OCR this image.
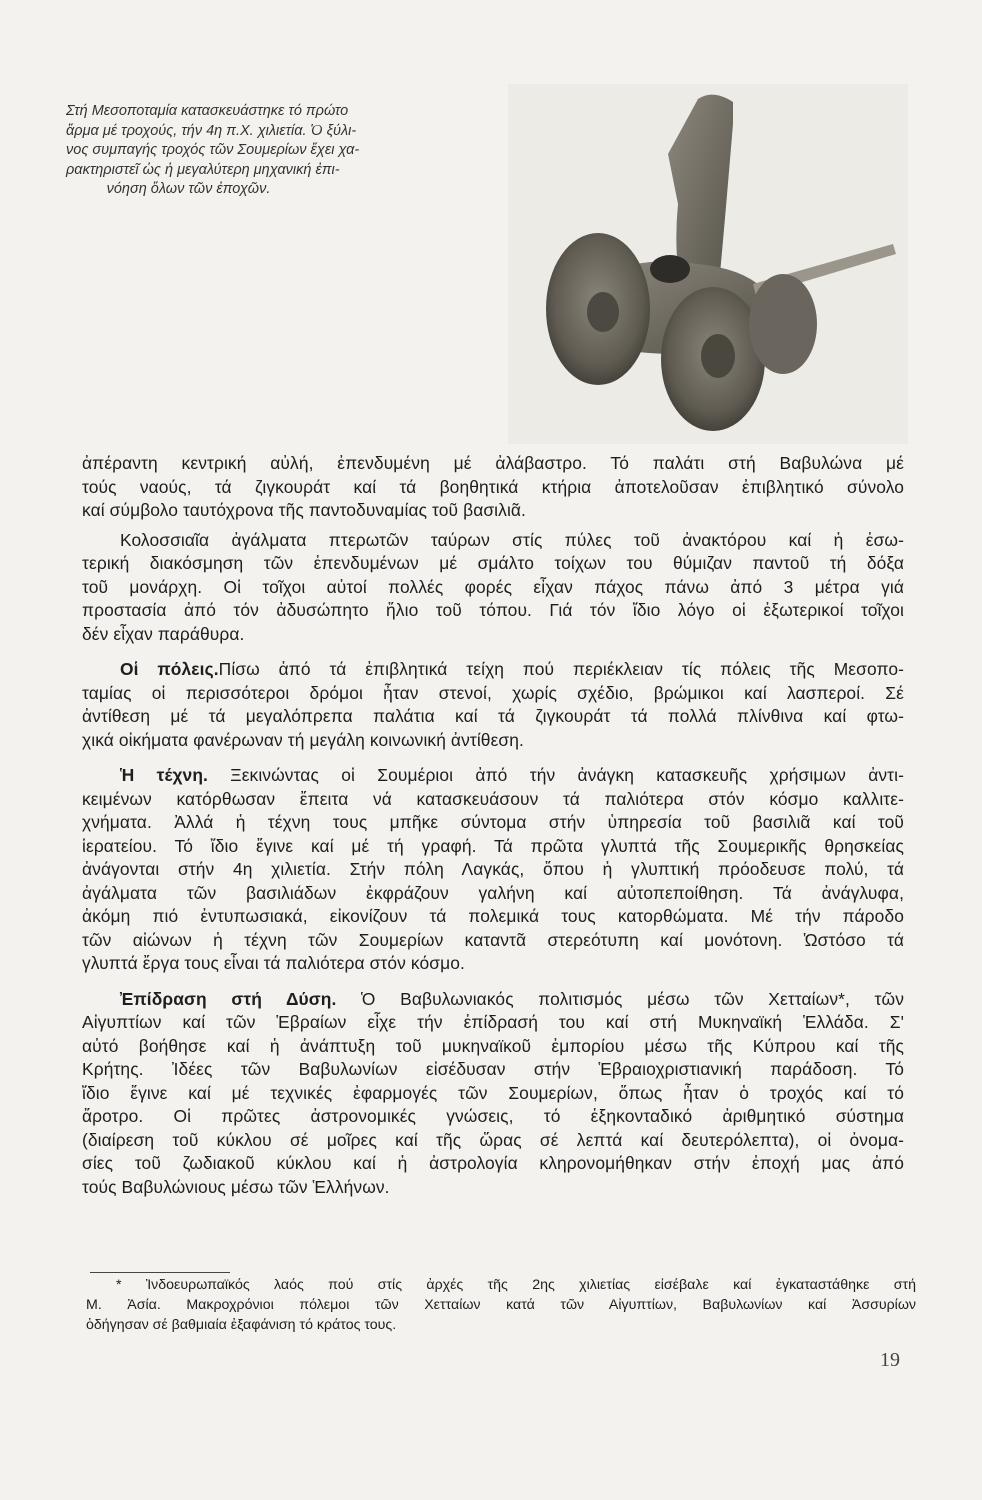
Στή Μεσοποταμία κατασκευάστηκε τό πρώτο
ἅρμα μέ τροχούς, τήν 4η π.Χ. χιλιετία. Ὁ ξύλι-
νος συμπαγής τροχός τῶν Σουμερίων ἔχει χα-
ρακτηριστεῖ ὡς ἡ μεγαλύτερη μηχανική ἐπι-
νόηση ὅλων τῶν ἐποχῶν.
ἀπέραντη κεντρική αὐλή, ἐπενδυμένη μέ ἀλάβαστρο. Τό παλάτι στή Βαβυλώνα μέ
τούς ναούς, τά ζιγκουράτ καί τά βοηθητικά κτήρια ἀποτελοῦσαν ἐπιβλητικό σύνολο
καί σύμβολο ταυτόχρονα τῆς παντοδυναμίας τοῦ βασιλιᾶ.
Κολοσσιαῖα ἀγάλματα πτερωτῶν ταύρων στίς πύλες τοῦ ἀνακτόρου καί ἡ ἐσω-
τερική διακόσμηση τῶν ἐπενδυμένων μέ σμάλτο τοίχων του θύμιζαν παντοῦ τή δόξα
τοῦ μονάρχη. Οἱ τοῖχοι αὐτοί πολλές φορές εἶχαν πάχος πάνω ἀπό 3 μέτρα γιά
προστασία ἀπό τόν ἀδυσώπητο ἥλιο τοῦ τόπου. Γιά τόν ἴδιο λόγο οἱ ἐξωτερικοί τοῖχοι
δέν εἶχαν παράθυρα.
Οἱ πόλεις.Πίσω ἀπό τά ἐπιβλητικά τείχη πού περιέκλειαν τίς πόλεις τῆς Μεσοπο-
ταμίας οἱ περισσότεροι δρόμοι ἦταν στενοί, χωρίς σχέδιο, βρώμικοι καί λασπεροί. Σέ
ἀντίθεση μέ τά μεγαλόπρεπα παλάτια καί τά ζιγκουράτ τά πολλά πλίνθινα καί φτω-
χικά οἰκήματα φανέρωναν τή μεγάλη κοινωνική ἀντίθεση.
Ἡ τέχνη. Ξεκινώντας οἱ Σουμέριοι ἀπό τήν ἀνάγκη κατασκευῆς χρήσιμων ἀντι-
κειμένων κατόρθωσαν ἔπειτα νά κατασκευάσουν τά παλιότερα στόν κόσμο καλλιτε-
χνήματα. Ἀλλά ἡ τέχνη τους μπῆκε σύντομα στήν ὑπηρεσία τοῦ βασιλιᾶ καί τοῦ
ἱερατείου. Τό ἴδιο ἔγινε καί μέ τή γραφή. Τά πρῶτα γλυπτά τῆς Σουμερικῆς θρησκείας
ἀνάγονται στήν 4η χιλιετία. Στήν πόλη Λαγκάς, ὅπου ἡ γλυπτική πρόοδευσε πολύ, τά
ἀγάλματα τῶν βασιλιάδων ἐκφράζουν γαλήνη καί αὐτοπεποίθηση. Τά ἀνάγλυφα,
ἀκόμη πιό ἐντυπωσιακά, εἰκονίζουν τά πολεμικά τους κατορθώματα. Μέ τήν πάροδο
τῶν αἰώνων ἡ τέχνη τῶν Σουμερίων καταντᾶ στερεότυπη καί μονότονη. Ὡστόσο τά
γλυπτά ἔργα τους εἶναι τά παλιότερα στόν κόσμο.
Ἐπίδραση στή Δύση. Ὁ Βαβυλωνιακός πολιτισμός μέσω τῶν Χετταίων*, τῶν
Αἰγυπτίων καί τῶν Ἑβραίων εἶχε τήν ἐπίδρασή του καί στή Μυκηναϊκή Ἑλλάδα. Σ'
αὐτό βοήθησε καί ἡ ἀνάπτυξη τοῦ μυκηναϊκοῦ ἐμπορίου μέσω τῆς Κύπρου καί τῆς
Κρήτης. Ἰδέες τῶν Βαβυλωνίων εἰσέδυσαν στήν Ἑβραιοχριστιανική παράδοση. Τό
ἴδιο ἔγινε καί μέ τεχνικές ἐφαρμογές τῶν Σουμερίων, ὅπως ἦταν ὁ τροχός καί τό
ἄροτρο. Οἱ πρῶτες ἀστρονομικές γνώσεις, τό ἑξηκονταδικό ἀριθμητικό σύστημα
(διαίρεση τοῦ κύκλου σέ μοῖρες καί τῆς ὥρας σέ λεπτά καί δευτερόλεπτα), οἱ ὀνομα-
σίες τοῦ ζωδιακοῦ κύκλου καί ἡ ἀστρολογία κληρονομήθηκαν στήν ἐποχή μας ἀπό
τούς Βαβυλώνιους μέσω τῶν Ἑλλήνων.
* Ἰνδοευρωπαϊκός λαός πού στίς ἀρχές τῆς 2ης χιλιετίας εἰσέβαλε καί ἐγκαταστάθηκε στή
Μ. Ἀσία. Μακροχρόνιοι πόλεμοι τῶν Χετταίων κατά τῶν Αἰγυπτίων, Βαβυλωνίων καί Ἀσσυρίων
ὁδήγησαν σέ βαθμιαία ἐξαφάνιση τό κράτος τους.
19
